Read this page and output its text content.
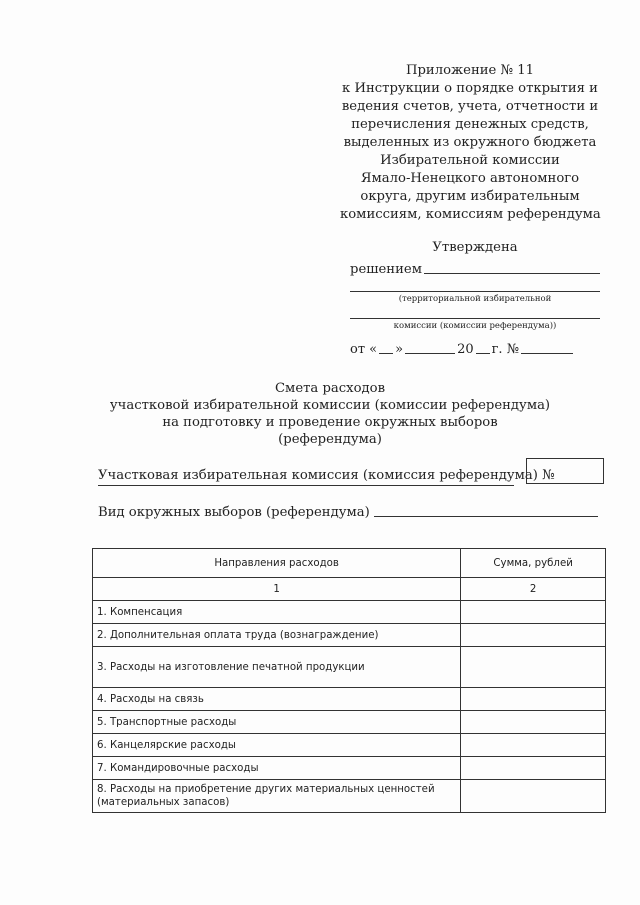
Приложение № 11
к Инструкции о порядке открытия и
ведения счетов, учета, отчетности и
перечисления денежных средств,
выделенных из окружного бюджета
Избирательной комиссии
Ямало-Ненецкого автономного
округа, другим избирательным
комиссиям, комиссиям референдума
Утверждена
решением
(территориальной избирательной
комиссии (комиссии референдума))
от « »	20 г. №
Смета расходов
участковой избирательной комиссии (комиссии референдума)
на подготовку и проведение окружных выборов
(референдума)
Участковая избирательная комиссия (комиссия референдума) №
Вид окружных выборов (референдума)
Направления расходов	Сумма, рублей
1	2
1. Компенсация	
2. Дополнительная оплата труда (вознаграждение)	
3. Расходы на изготовление печатной продукции	
4. Расходы на связь	
5. Транспортные расходы	
6. Канцелярские расходы	
7. Командировочные расходы	
8. Расходы на приобретение других материальных ценностей (материальных запасов)	
